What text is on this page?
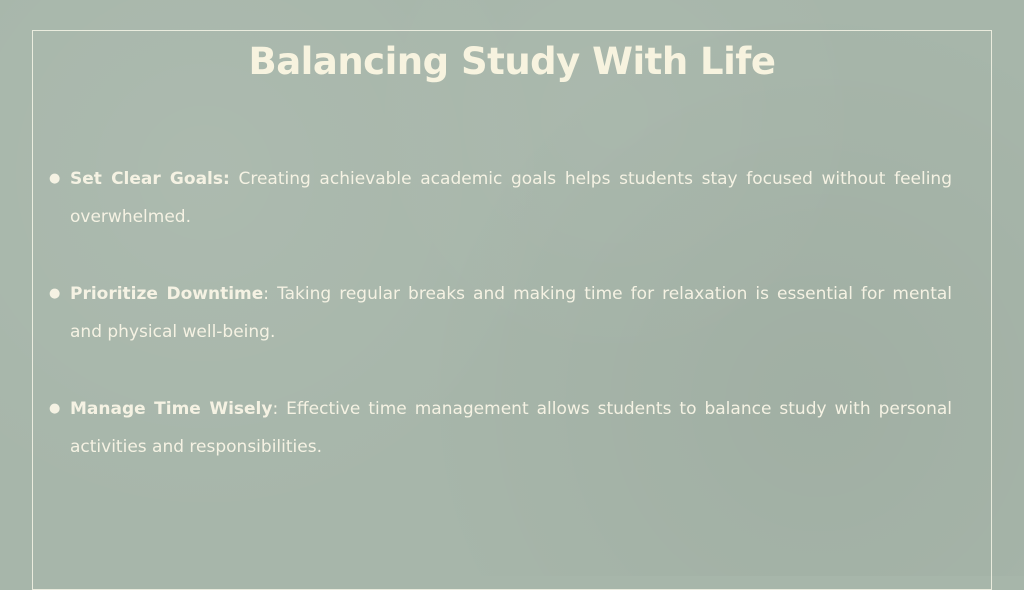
Balancing Study With Life
● Set Clear Goals: Creating achievable academic goals helps students stay focused without feeling overwhelmed.
● Prioritize Downtime: Taking regular breaks and making time for relaxation is essential for mental and physical well-being.
● Manage Time Wisely: Effective time management allows students to balance study with personal activities and responsibilities.
